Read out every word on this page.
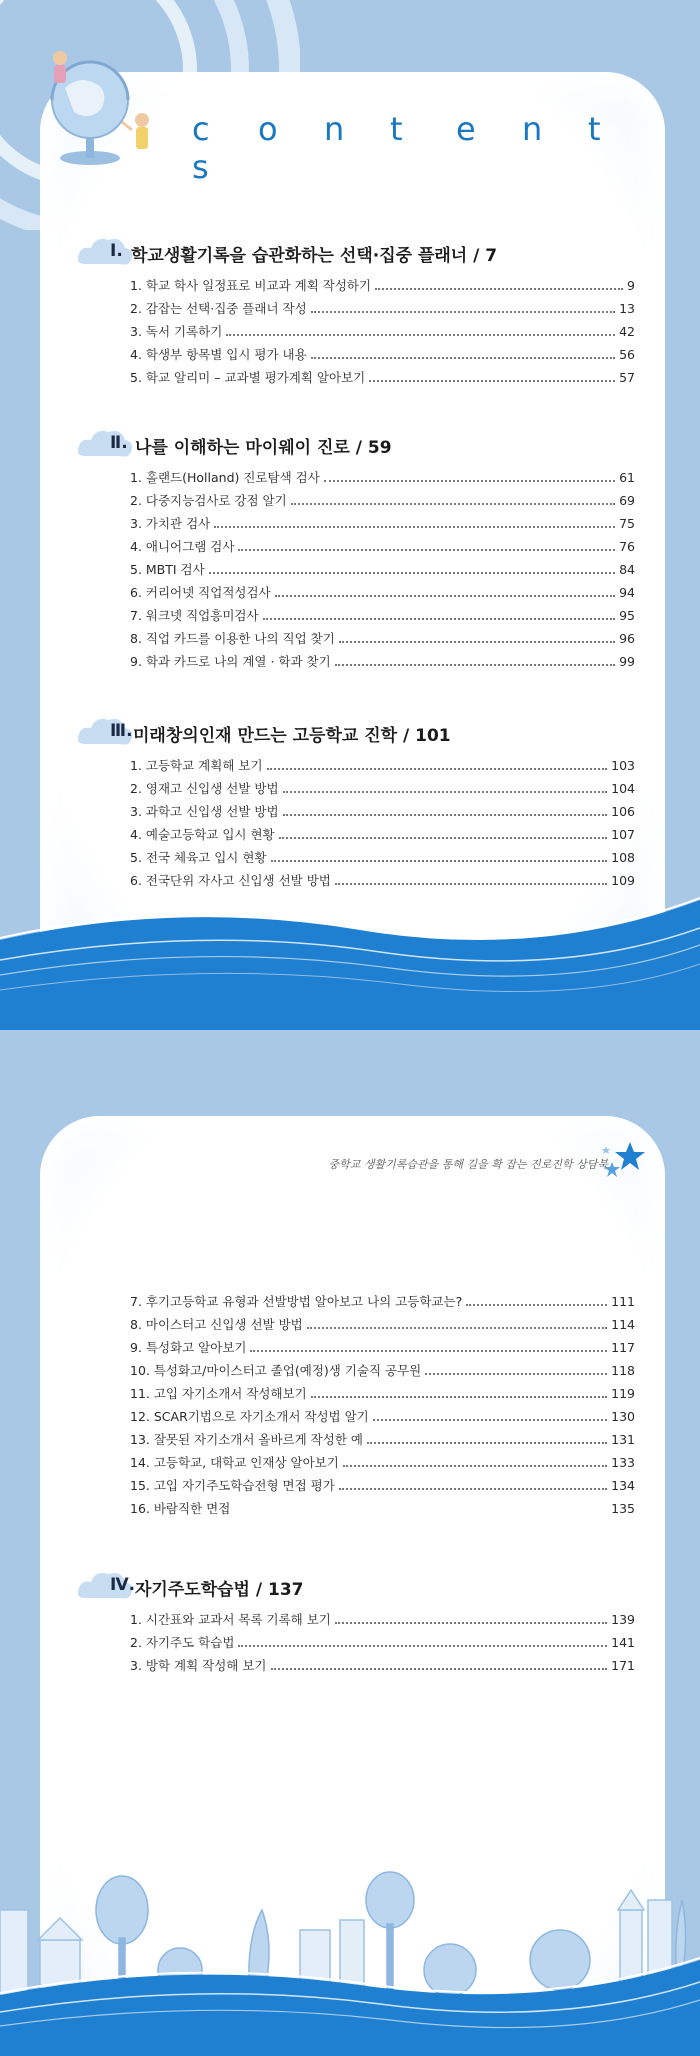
c o n t e n ts
Ⅰ. 학교생활기록을 습관화하는 선택·집중 플래너 / 7
1. 학교 학사 일정표로 비교과 계획 작성하기	9
2. 감잡는 선택·집중 플래너 작성	13
3. 독서 기록하기	42
4. 학생부 항목별 입시 평가 내용	56
5. 학교 알리미 – 교과별 평가계획 알아보기	57
Ⅱ. 나를 이해하는 마이웨이 진로 / 59
1. 홀랜드(Holland) 진로탐색 검사	61
2. 다중지능검사로 강점 알기	69
3. 가치관 검사	75
4. 애니어그램 검사	76
5. MBTI 검사	84
6. 커리어넷 직업적성검사	94
7. 워크넷 직업흥미검사	95
8. 직업 카드를 이용한 나의 직업 찾기	96
9. 학과 카드로 나의 계열 · 학과 찾기	99
Ⅲ. 미래창의인재 만드는 고등학교 진학 / 101
1. 고등학교 계획해 보기	103
2. 영재고 신입생 선발 방법	104
3. 과학고 신입생 선발 방법	106
4. 예술고등학교 입시 현황	107
5. 전국 체육고 입시 현황	108
6. 전국단위 자사고 신입생 선발 방법	109
중학교 생활기록습관을 통해 길을 확 잡는 진로진학 상담북
7. 후기고등학교 유형과 선발방법 알아보고 나의 고등학교는?	111
8. 마이스터고 신입생 선발 방법	114
9. 특성화고 알아보기	117
10. 특성화고/마이스터고 졸업(예정)생 기술직 공무원	118
11. 고입 자기소개서 작성해보기	119
12. SCAR기법으로 자기소개서 작성법 알기	130
13. 잘못된 자기소개서 올바르게 작성한 예	131
14. 고등학교, 대학교 인재상 알아보기	133
15. 고입 자기주도학습전형 면접 평가	134
16. 바람직한 면접	135
Ⅳ. 자기주도학습법 / 137
1. 시간표와 교과서 목록 기록해 보기	139
2. 자기주도 학습법	141
3. 방학 계획 작성해 보기	171
